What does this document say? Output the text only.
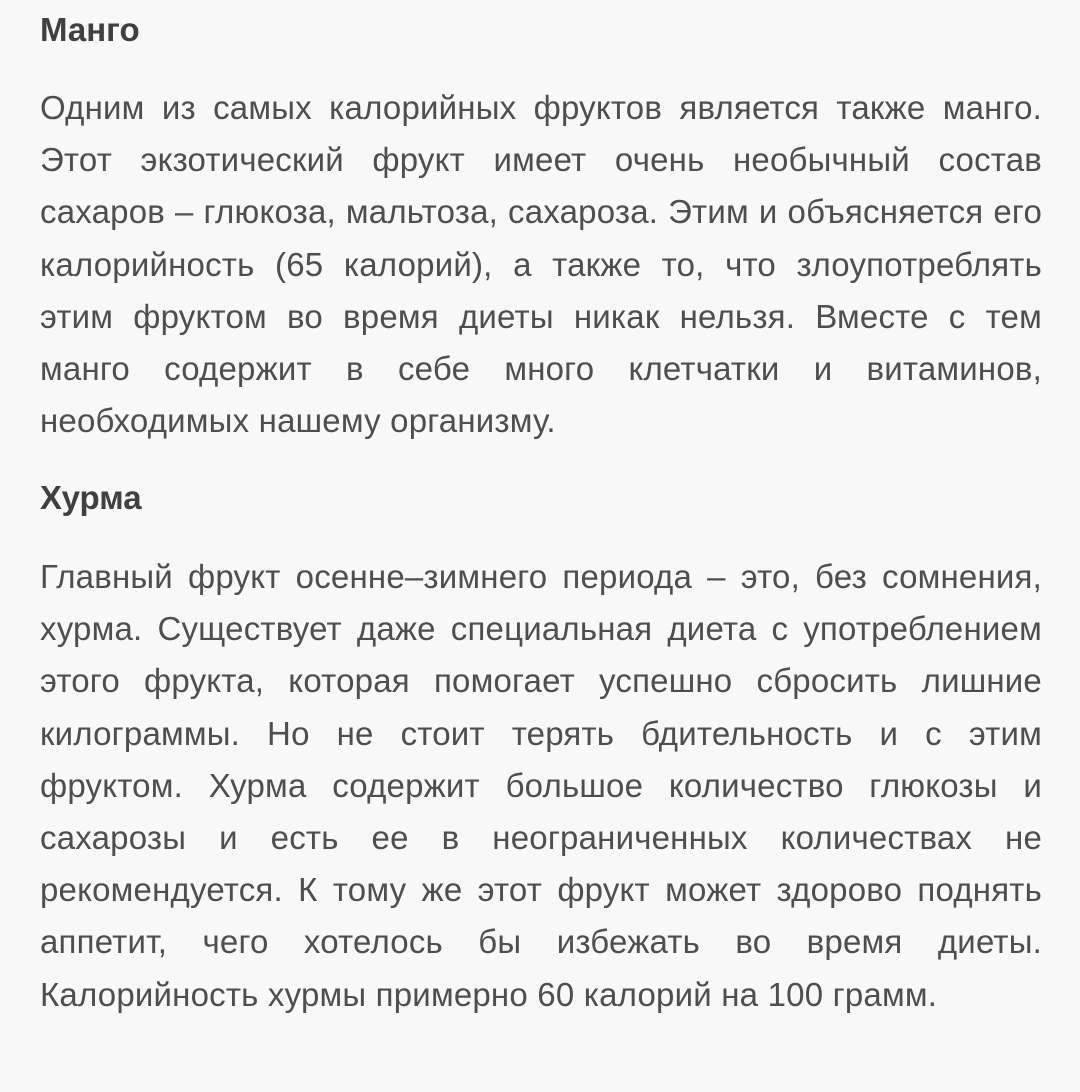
Манго

Одним из самых калорийных фруктов является также манго. Этот экзотический фрукт имеет очень необычный состав сахаров – глюкоза, мальтоза, сахароза. Этим и объясняется его калорийность (65 калорий), а также то, что злоупотреблять этим фруктом во время диеты никак нельзя. Вместе с тем манго содержит в себе много клетчатки и витаминов, необходимых нашему организму.

Хурма

Главный фрукт осенне–зимнего периода – это, без сомнения, хурма. Существует даже специальная диета с употреблением этого фрукта, которая помогает успешно сбросить лишние килограммы. Но не стоит терять бдительность и с этим фруктом. Хурма содержит большое количество глюкозы и сахарозы и есть ее в неограниченных количествах не рекомендуется. К тому же этот фрукт может здорово поднять аппетит, чего хотелось бы избежать во время диеты. Калорийность хурмы примерно 60 калорий на 100 грамм.
